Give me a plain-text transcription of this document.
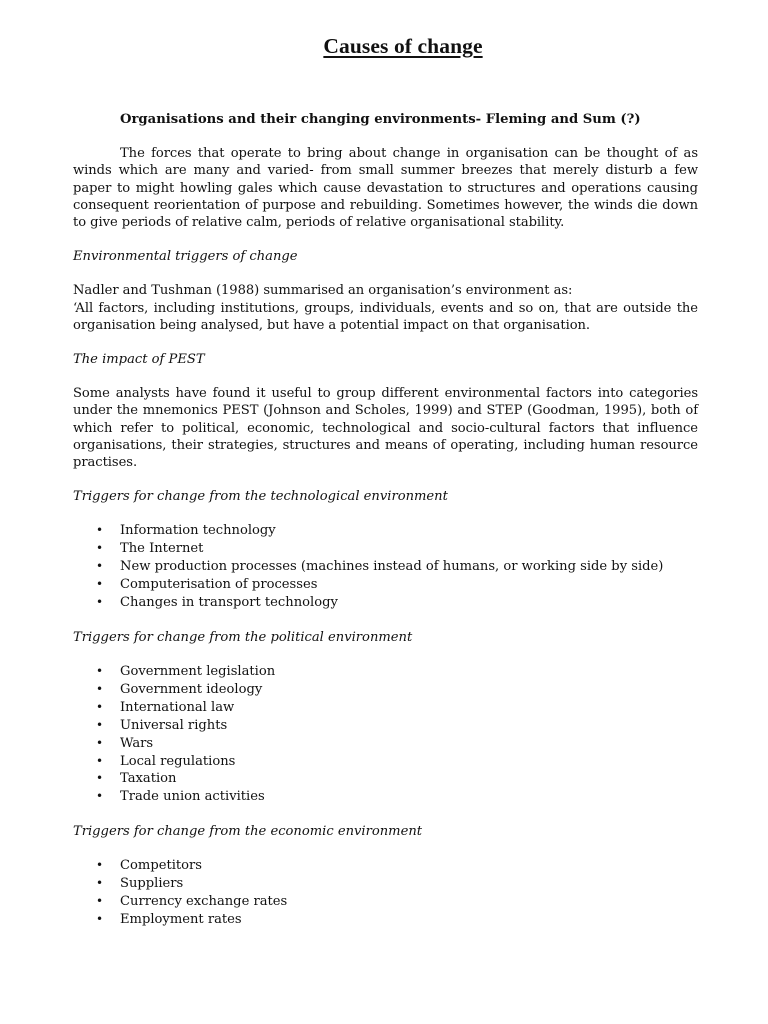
Causes of change

Organisations and their changing environments- Fleming and Sum (?)

The forces that operate to bring about change in organisation can be thought of as winds which are many and varied- from small summer breezes that merely disturb a few paper to might howling gales which cause devastation to structures and operations causing consequent reorientation of purpose and rebuilding. Sometimes however, the winds die down to give periods of relative calm, periods of relative organisational stability.

Environmental triggers of change

Nadler and Tushman (1988) summarised an organisation’s environment as:

‘All factors, including institutions, groups, individuals, events and so on, that are outside the organisation being analysed, but have a potential impact on that organisation.

The impact of PEST

Some analysts have found it useful to group different environmental factors into categories under the mnemonics PEST (Johnson and Scholes, 1999) and STEP (Goodman, 1995), both of which refer to political, economic, technological and socio-cultural factors that influence organisations, their strategies, structures and means of operating, including human resource practises.

Triggers for change from the technological environment

• Information technology
• The Internet
• New production processes (machines instead of humans, or working side by side)
• Computerisation of processes
• Changes in transport technology

Triggers for change from the political environment

• Government legislation
• Government ideology
• International law
• Universal rights
• Wars
• Local regulations
• Taxation
• Trade union activities

Triggers for change from the economic environment

• Competitors
• Suppliers
• Currency exchange rates
• Employment rates
